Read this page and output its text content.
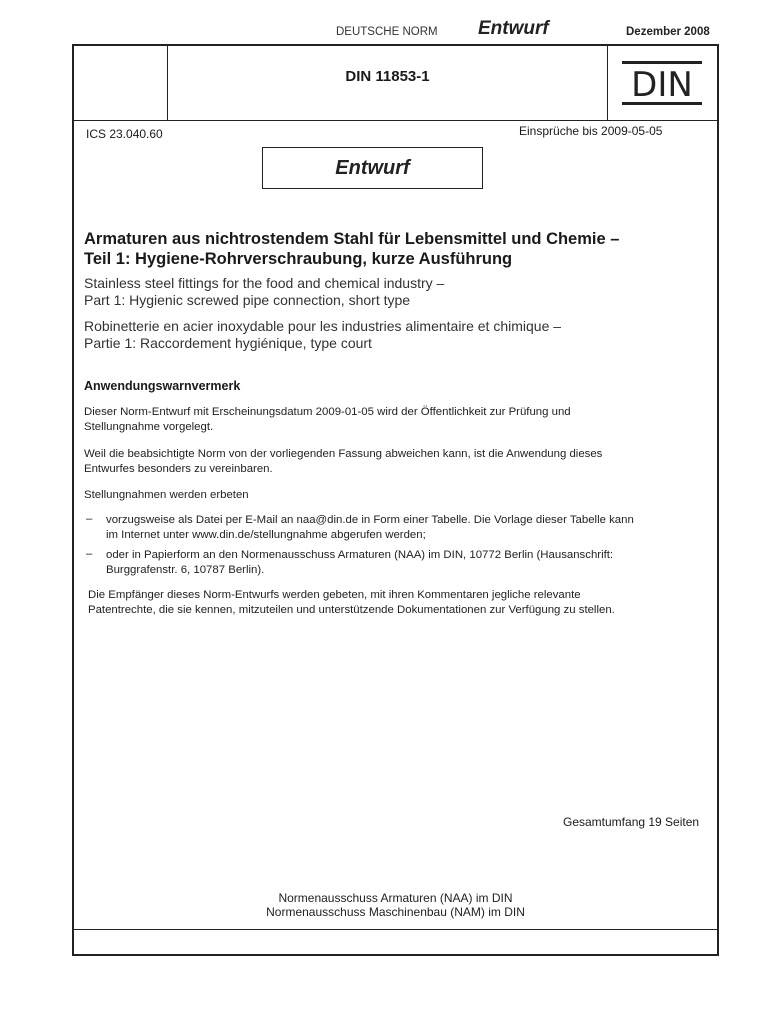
DEUTSCHE NORM Entwurf	Dezember 2008
DIN 11853-1	DIN
ICS 23.040.60	Einsprüche bis 2009-05-05
Entwurf
Armaturen aus nichtrostendem Stahl für Lebensmittel und Chemie –
Teil 1: Hygiene-Rohrverschraubung, kurze Ausführung
Stainless steel fittings for the food and chemical industry –
Part 1: Hygienic screwed pipe connection, short type
Robinetterie en acier inoxydable pour les industries alimentaire et chimique –
Partie 1: Raccordement hygiénique, type court
Anwendungswarnvermerk
Dieser Norm-Entwurf mit Erscheinungsdatum 2009-01-05 wird der Öffentlichkeit zur Prüfung und
Stellungnahme vorgelegt.
Weil die beabsichtigte Norm von der vorliegenden Fassung abweichen kann, ist die Anwendung dieses
Entwurfes besonders zu vereinbaren.
Stellungnahmen werden erbeten
– vorzugsweise als Datei per E-Mail an naa@din.de in Form einer Tabelle. Die Vorlage dieser Tabelle kann
im Internet unter www.din.de/stellungnahme abgerufen werden;
– oder in Papierform an den Normenausschuss Armaturen (NAA) im DIN, 10772 Berlin (Hausanschrift:
Burggrafenstr. 6, 10787 Berlin).
Die Empfänger dieses Norm-Entwurfs werden gebeten, mit ihren Kommentaren jegliche relevante
Patentrechte, die sie kennen, mitzuteilen und unterstützende Dokumentationen zur Verfügung zu stellen.
Gesamtumfang 19 Seiten
Normenausschuss Armaturen (NAA) im DIN
Normenausschuss Maschinenbau (NAM) im DIN
